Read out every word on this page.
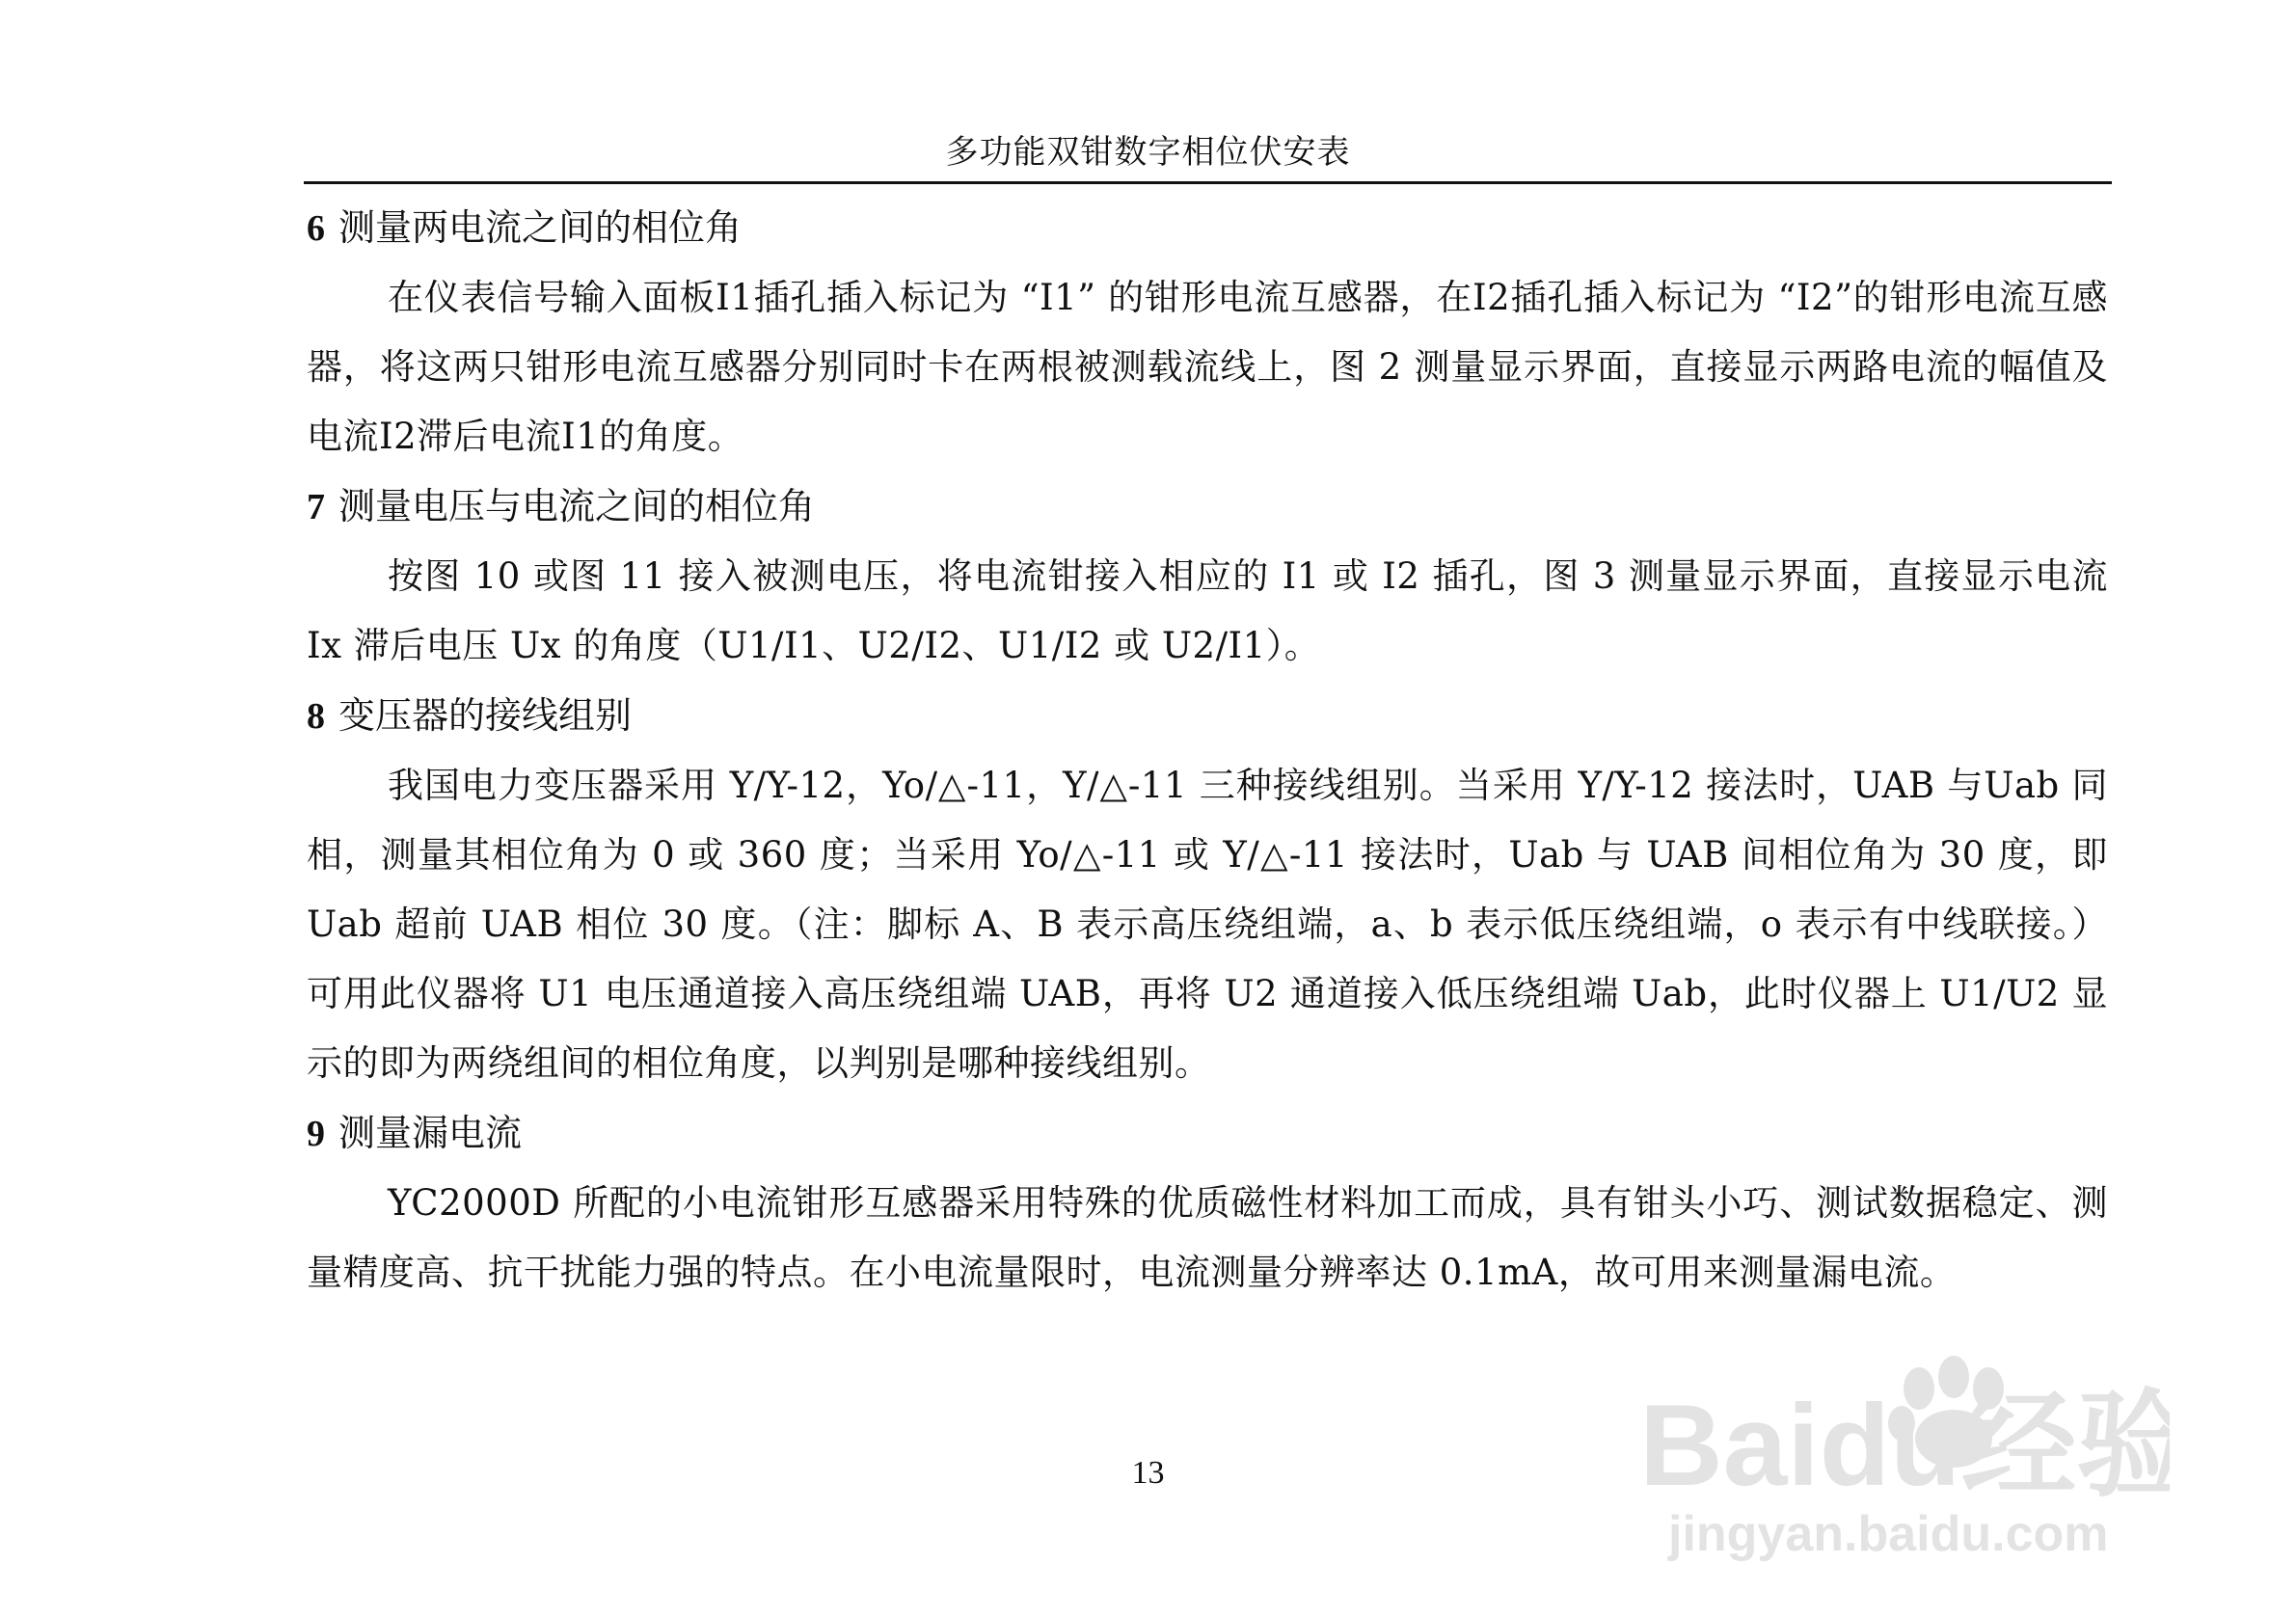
多功能双钳数字相位伏安表
6 测量两电流之间的相位角

在仪表信号输入面板I1插孔插入标记为 “I1” 的钳形电流互感器，在I2插孔插入标记为 “I2”的钳形电流互感器，将这两只钳形电流互感器分别同时卡在两根被测载流线上，图 2 测量显示界面，直接显示两路电流的幅值及电流I2滞后电流I1的角度。

7 测量电压与电流之间的相位角

按图 10 或图 11 接入被测电压，将电流钳接入相应的 I1 或 I2 插孔，图 3 测量显示界面，直接显示电流 Ix 滞后电压 Ux 的角度（U1/I1、U2/I2、U1/I2 或 U2/I1）。

8 变压器的接线组别

我国电力变压器采用 Y/Y-12，Yo/△-11，Y/△-11 三种接线组别。当采用 Y/Y-12 接法时，UAB 与Uab 同相，测量其相位角为 0 或 360 度；当采用 Yo/△-11 或 Y/△-11 接法时，Uab 与 UAB 间相位角为 30 度，即 Uab 超前 UAB 相位 30 度。（注：脚标 A、B 表示高压绕组端，a、b 表示低压绕组端，o 表示有中线联接。）可用此仪器将 U1 电压通道接入高压绕组端 UAB，再将 U2 通道接入低压绕组端 Uab，此时仪器上 U1/U2 显示的即为两绕组间的相位角度，以判别是哪种接线组别。

9 测量漏电流

YC2000D 所配的小电流钳形互感器采用特殊的优质磁性材料加工而成，具有钳头小巧、测试数据稳定、测量精度高、抗干扰能力强的特点。在小电流量限时，电流测量分辨率达 0.1mA，故可用来测量漏电流。

13	Baidu经验
jingyan.baidu.com
